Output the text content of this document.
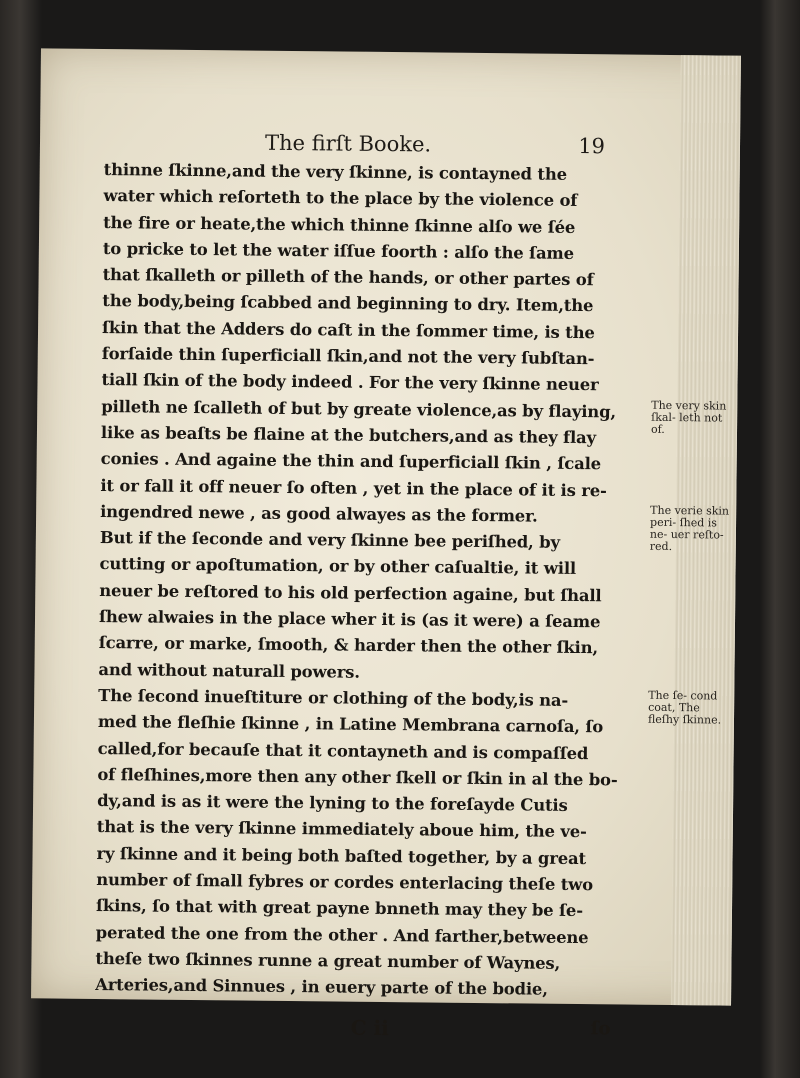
The firſt Booke.	19
thinne ſkinne,and the very ſkinne, is contayned the
water which reſorteth to the place by the violence of
the fire or heate,the which thinne ſkinne alſo we ſée
to pricke to let the water iſſue foorth : alſo the ſame
that ſkalleth or pilleth of the hands, or other partes of
the body,being ſcabbed and beginning to dry. Item,the
ſkin that the Adders do caſt in the ſommer time, is the
forſaide thin ſuperficiall ſkin,and not the very ſubſtan-
tiall ſkin of the body indeed . For the very ſkinne neuer
pilleth ne ſcalleth of but by greate violence,as by flaying,
like as beaſts be flaine at the butchers,and as they flay
conies . And againe the thin and ſuperficiall ſkin , ſcale
it or fall it off neuer ſo often , yet in the place of it is re-
ingendred newe , as good alwayes as the former.
But if the ſeconde and very ſkinne bee periſhed, by
cutting or apoſtumation, or by other caſualtie, it will
neuer be reſtored to his old perfection againe, but ſhall
ſhew alwaies in the place wher it is (as it were) a ſeame
ſcarre, or marke, ſmooth, & harder then the other ſkin,
and without naturall powers.
The ſecond inueſtiture or clothing of the body,is na-
med the fleſhie ſkinne , in Latine Membrana carnoſa, ſo
called,for becauſe that it contayneth and is compaſſed
of fleſhines,more then any other ſkell or ſkin in al the bo-
dy,and is as it were the lyning to the foreſayde Cutis
that is the very ſkinne immediately aboue him, the ve-
ry ſkinne and it being both baſted together, by a great
number of ſmall fybres or cordes enterlacing theſe two
ſkins, ſo that with great payne bnneth may they be ſe-
perated the one from the other . And farther,betweene
theſe two ſkinnes runne a great number of Waynes,
Arteries,and Sinnues , in euery parte of the bodie,
The very skin ſkal- leth not of.
The verie skin peri- ſhed is ne- uer reſto- red.
The ſe- cond coat, The fleſhy ſkinne.
C ii	ſo
